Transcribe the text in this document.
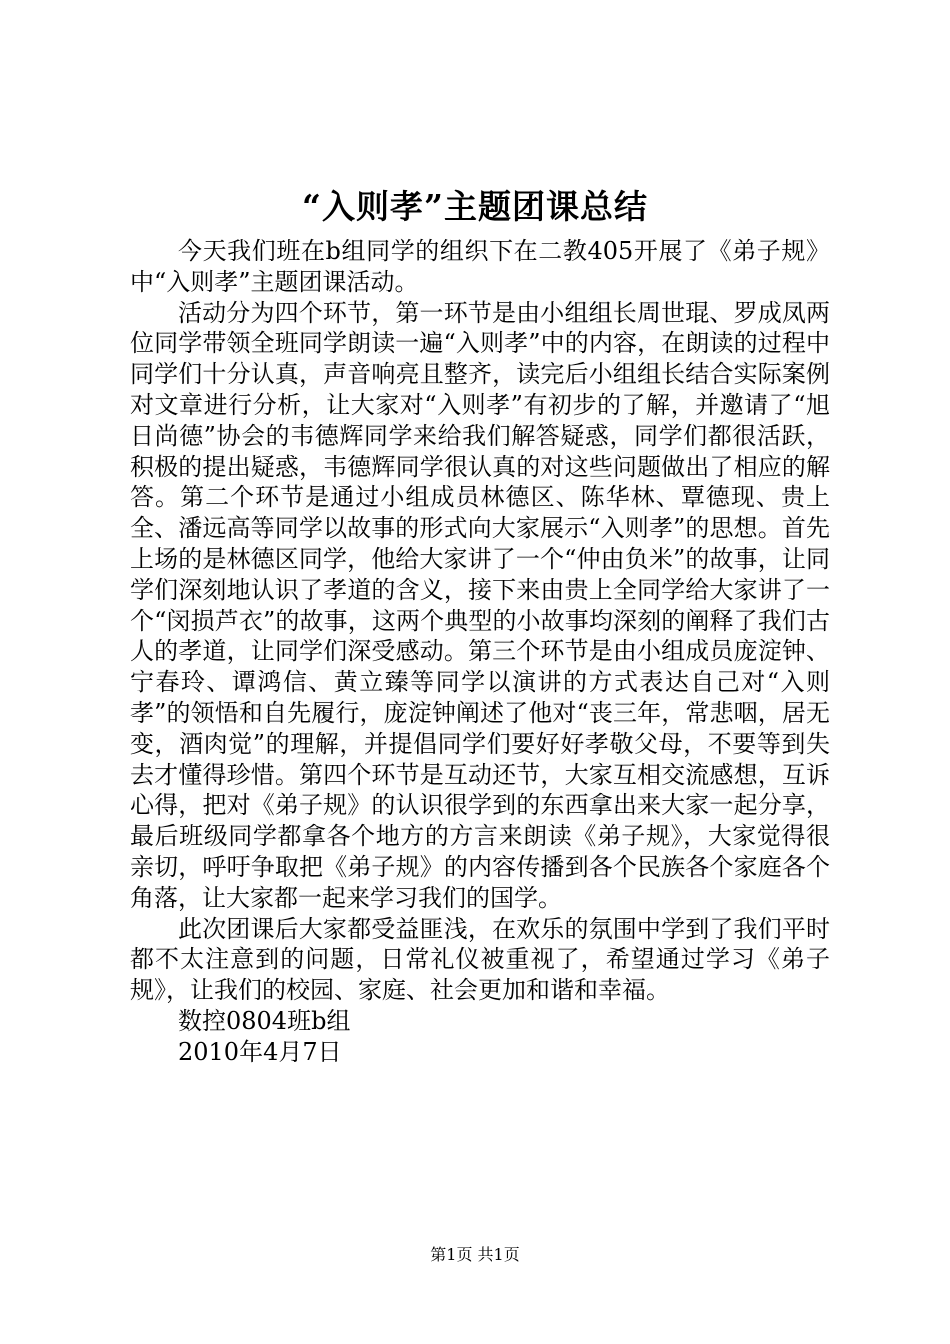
“入则孝”主题团课总结

今天我们班在b组同学的组织下在二教405开展了《弟子规》中“入则孝”主题团课活动。

活动分为四个环节，第一环节是由小组组长周世琨、罗成凤两位同学带领全班同学朗读一遍“入则孝”中的内容，在朗读的过程中同学们十分认真，声音响亮且整齐，读完后小组组长结合实际案例对文章进行分析，让大家对“入则孝”有初步的了解，并邀请了“旭日尚德”协会的韦德辉同学来给我们解答疑惑，同学们都很活跃，积极的提出疑惑，韦德辉同学很认真的对这些问题做出了相应的解答。第二个环节是通过小组成员林德区、陈华林、覃德现、贵上全、潘远高等同学以故事的形式向大家展示“入则孝”的思想。首先上场的是林德区同学，他给大家讲了一个“仲由负米”的故事，让同学们深刻地认识了孝道的含义，接下来由贵上全同学给大家讲了一个“闵损芦衣”的故事，这两个典型的小故事均深刻的阐释了我们古人的孝道，让同学们深受感动。第三个环节是由小组成员庞淀钟、宁春玲、谭鸿信、黄立臻等同学以演讲的方式表达自己对“入则孝”的领悟和自先履行，庞淀钟阐述了他对“丧三年，常悲咽，居无变，酒肉觉”的理解，并提倡同学们要好好孝敬父母，不要等到失去才懂得珍惜。第四个环节是互动还节，大家互相交流感想，互诉心得，把对《弟子规》的认识很学到的东西拿出来大家一起分享，最后班级同学都拿各个地方的方言来朗读《弟子规》，大家觉得很亲切，呼吁争取把《弟子规》的内容传播到各个民族各个家庭各个角落，让大家都一起来学习我们的国学。

此次团课后大家都受益匪浅，在欢乐的氛围中学到了我们平时都不太注意到的问题，日常礼仪被重视了，希望通过学习《弟子规》，让我们的校园、家庭、社会更加和谐和幸福。

数控0804班b组
2010年4月7日
第1页 共1页
